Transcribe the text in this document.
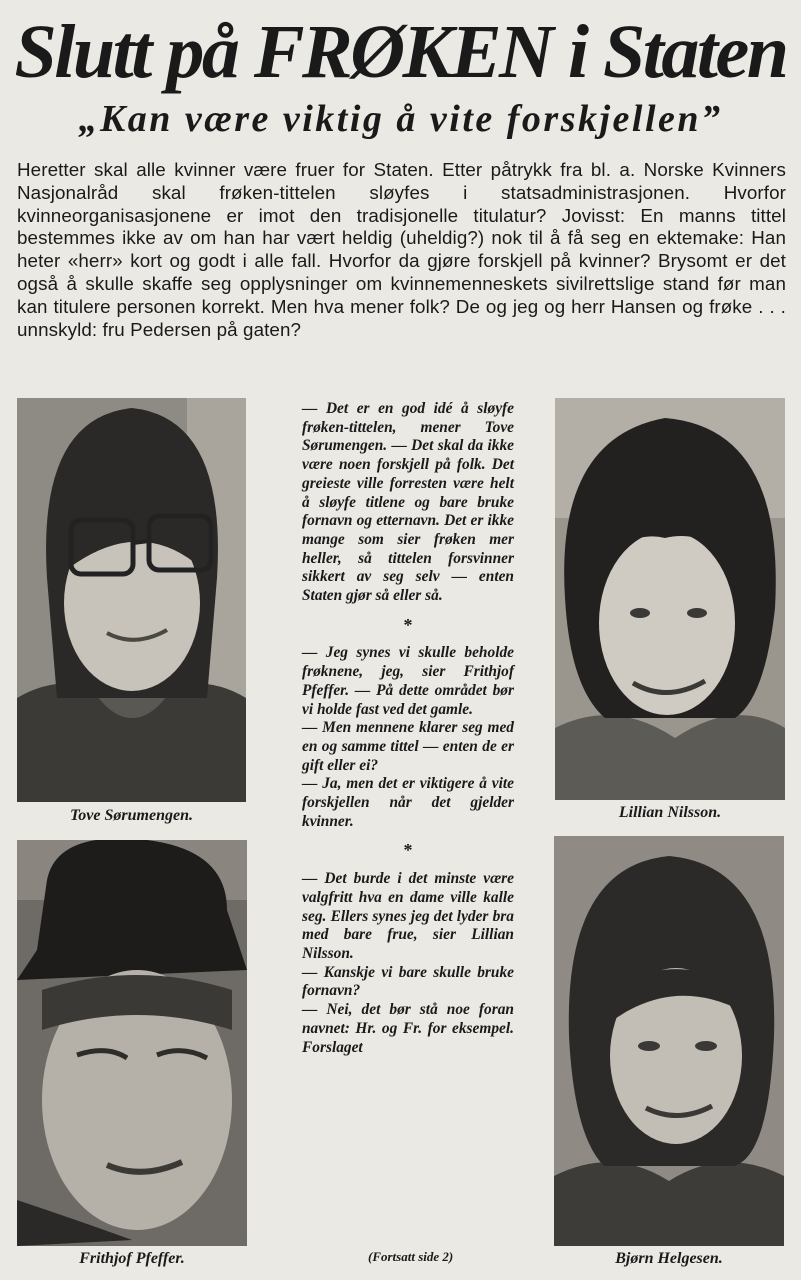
Slutt på FRØKEN i Staten
„Kan være viktig å vite forskjellen”
Heretter skal alle kvinner være fruer for Staten. Etter påtrykk fra bl. a. Norske Kvinners Nasjonalråd skal frøken-tittelen sløyfes i statsadministrasjonen. Hvorfor kvinneorganisasjonene er imot den tradisjonelle titulatur? Jovisst: En manns tittel bestemmes ikke av om han har vært heldig (uheldig?) nok til å få seg en ektemake: Han heter «herr» kort og godt i alle fall. Hvorfor da gjøre forskjell på kvinner? Brysomt er det også å skulle skaffe seg opplysninger om kvinnemenneskets sivilrettslige stand før man kan titulere personen korrekt. Men hva mener folk? De og jeg og herr Hansen og frøke . . . unnskyld: fru Pedersen på gaten?
Tove Sørumengen.	Lillian Nilsson.
Frithjof Pfeffer.	Bjørn Helgesen.

— Det er en god idé å sløyfe frøken-tittelen, mener Tove Sørumengen. — Det skal da ikke være noen forskjell på folk. Det greieste ville forresten være helt å sløyfe titlene og bare bruke fornavn og etternavn. Det er ikke mange som sier frøken mer heller, så tittelen forsvinner sikkert av seg selv — enten Staten gjør så eller så.

*

— Jeg synes vi skulle beholde frøknene, jeg, sier Frithjof Pfeffer. — På dette området bør vi holde fast ved det gamle.

— Men mennene klarer seg med en og samme tittel — enten de er gift eller ei?

— Ja, men det er viktigere å vite forskjellen når det gjelder kvinner.

*

— Det burde i det minste være valgfritt hva en dame ville kalle seg. Ellers synes jeg det lyder bra med bare frue, sier Lillian Nilsson.

— Kanskje vi bare skulle bruke fornavn?

— Nei, det bør stå noe foran navnet: Hr. og Fr. for eksempel. Forslaget

(Fortsatt side 2)
